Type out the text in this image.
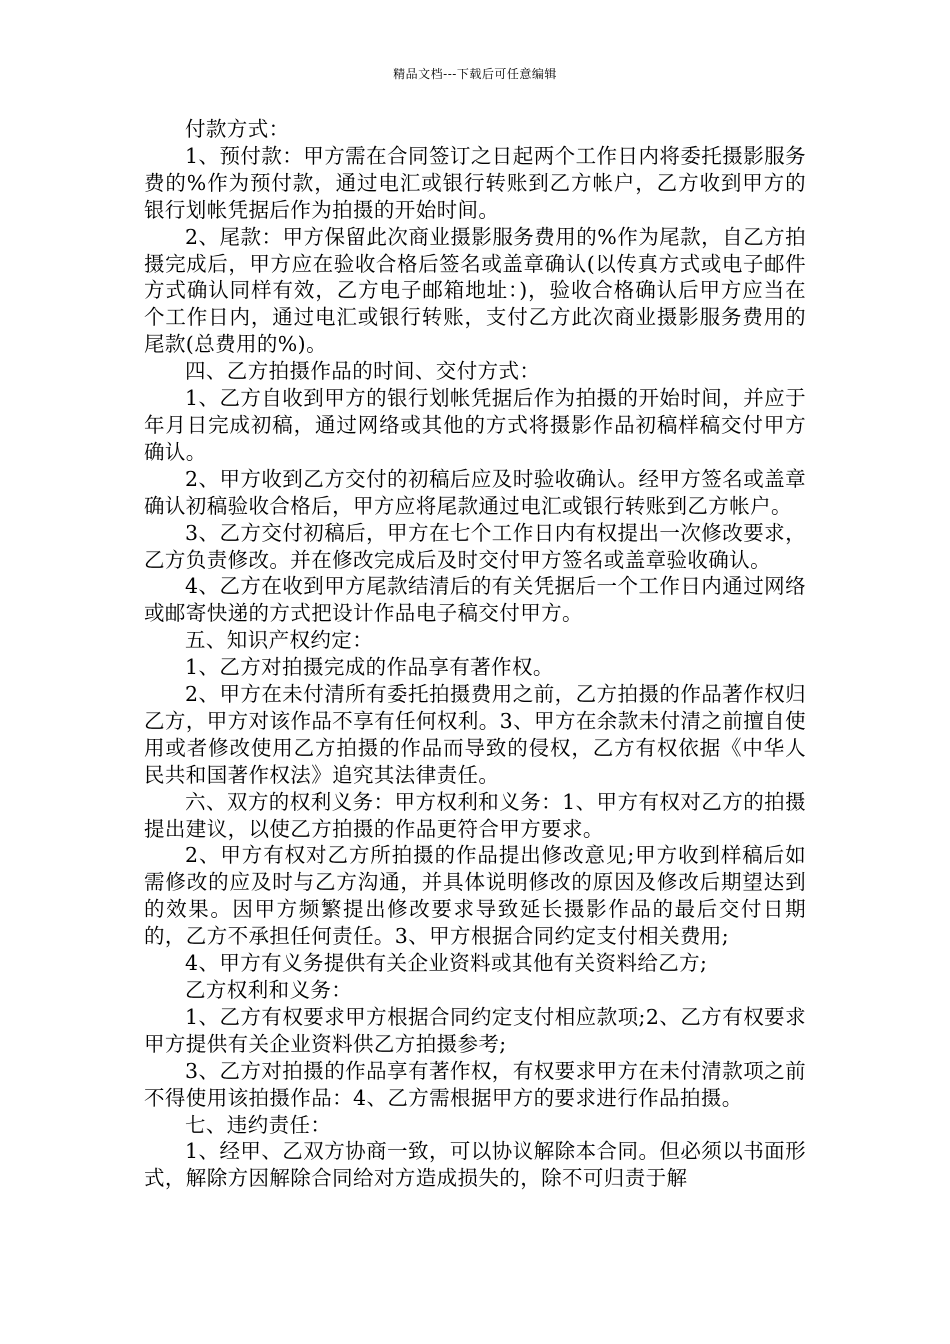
精品文档---下载后可任意编辑

付款方式：

1、预付款：甲方需在合同签订之日起两个工作日内将委托摄影服务费的%作为预付款，通过电汇或银行转账到乙方帐户，乙方收到甲方的银行划帐凭据后作为拍摄的开始时间。

2、尾款：甲方保留此次商业摄影服务费用的%作为尾款，自乙方拍摄完成后，甲方应在验收合格后签名或盖章确认(以传真方式或电子邮件方式确认同样有效，乙方电子邮箱地址：)，验收合格确认后甲方应当在个工作日内，通过电汇或银行转账，支付乙方此次商业摄影服务费用的尾款(总费用的%)。

四、乙方拍摄作品的时间、交付方式：

1、乙方自收到甲方的银行划帐凭据后作为拍摄的开始时间，并应于年月日完成初稿，通过网络或其他的方式将摄影作品初稿样稿交付甲方确认。

2、甲方收到乙方交付的初稿后应及时验收确认。经甲方签名或盖章确认初稿验收合格后，甲方应将尾款通过电汇或银行转账到乙方帐户。

3、乙方交付初稿后，甲方在七个工作日内有权提出一次修改要求，乙方负责修改。并在修改完成后及时交付甲方签名或盖章验收确认。

4、乙方在收到甲方尾款结清后的有关凭据后一个工作日内通过网络或邮寄快递的方式把设计作品电子稿交付甲方。

五、知识产权约定：

1、乙方对拍摄完成的作品享有著作权。

2、甲方在未付清所有委托拍摄费用之前，乙方拍摄的作品著作权归乙方，甲方对该作品不享有任何权利。3、甲方在余款未付清之前擅自使用或者修改使用乙方拍摄的作品而导致的侵权，乙方有权依据《中华人民共和国著作权法》追究其法律责任。

六、双方的权利义务：甲方权利和义务：1、甲方有权对乙方的拍摄提出建议，以使乙方拍摄的作品更符合甲方要求。

2、甲方有权对乙方所拍摄的作品提出修改意见;甲方收到样稿后如需修改的应及时与乙方沟通，并具体说明修改的原因及修改后期望达到的效果。因甲方频繁提出修改要求导致延长摄影作品的最后交付日期的，乙方不承担任何责任。3、甲方根据合同约定支付相关费用;

4、甲方有义务提供有关企业资料或其他有关资料给乙方;

乙方权利和义务：

1、乙方有权要求甲方根据合同约定支付相应款项;2、乙方有权要求甲方提供有关企业资料供乙方拍摄参考;

3、乙方对拍摄的作品享有著作权，有权要求甲方在未付清款项之前不得使用该拍摄作品：4、乙方需根据甲方的要求进行作品拍摄。

七、违约责任：

1、经甲、乙双方协商一致，可以协议解除本合同。但必须以书面形式，解除方因解除合同给对方造成损失的，除不可归责于解
